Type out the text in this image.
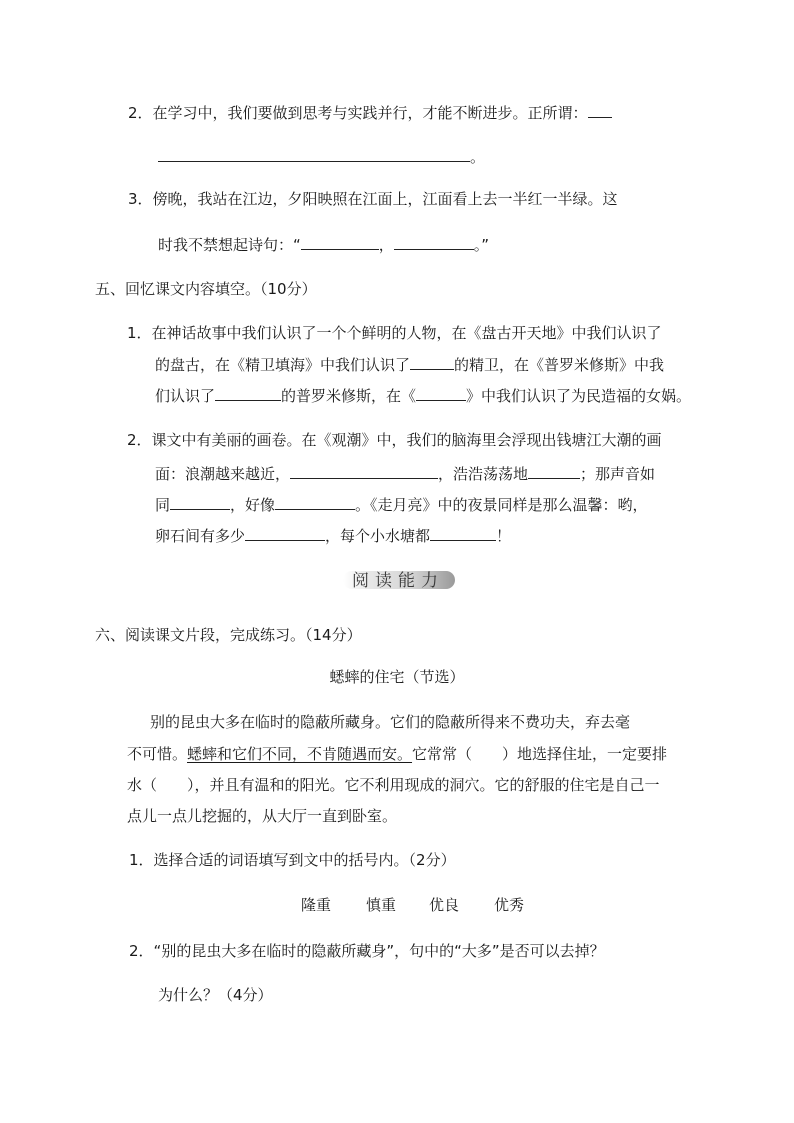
2．在学习中，我们要做到思考与实践并行，才能不断进步。正所谓：
。
3．傍晚，我站在江边，夕阳映照在江面上，江面看上去一半红一半绿。这
时我不禁想起诗句：“	，	。”
五、回忆课文内容填空。（10分）
1．在神话故事中我们认识了一个个鲜明的人物，在《盘古开天地》中我们认识了
的盘古，在《精卫填海》中我们认识了	的精卫，在《普罗米修斯》中我
们认识了	的普罗米修斯，在《	》中我们认识了为民造福的女娲。
2．课文中有美丽的画卷。在《观潮》中，我们的脑海里会浮现出钱塘江大潮的画
面：浪潮越来越近，	，浩浩荡荡地	；那声音如
同	，好像	。《走月亮》中的夜景同样是那么温馨：哟，
卵石间有多少	，每个小水塘都	！
阅读能力
六、阅读课文片段，完成练习。（14分）
蟋蟀的住宅（节选）
别的昆虫大多在临时的隐蔽所藏身。它们的隐蔽所得来不费功夫，弃去毫
不可惜。蟋蟀和它们不同，不肯随遇而安。它常常（　　）地选择住址，一定要排
水（　　），并且有温和的阳光。它不利用现成的洞穴。它的舒服的住宅是自己一
点儿一点儿挖掘的，从大厅一直到卧室。
1．选择合适的词语填写到文中的括号内。（2分）
隆重 慎重 优良 优秀
2．“别的昆虫大多在临时的隐蔽所藏身”，句中的“大多”是否可以去掉？
为什么？（4分）
